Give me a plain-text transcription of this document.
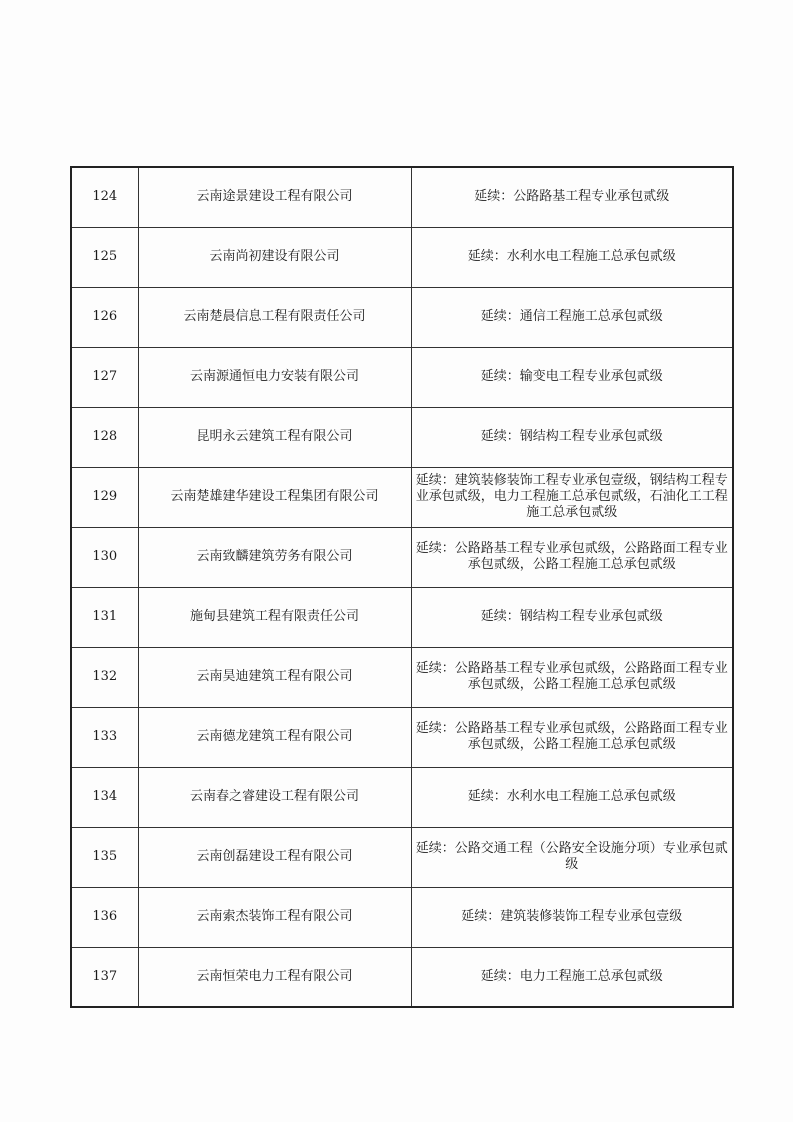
124	云南途景建设工程有限公司	延续：公路路基工程专业承包贰级
125	云南尚初建设有限公司	延续：水利水电工程施工总承包贰级
126	云南楚晨信息工程有限责任公司	延续：通信工程施工总承包贰级
127	云南源通恒电力安装有限公司	延续：输变电工程专业承包贰级
128	昆明永云建筑工程有限公司	延续：钢结构工程专业承包贰级
129	云南楚雄建华建设工程集团有限公司	延续：建筑装修装饰工程专业承包壹级，钢结构工程专业承包贰级，电力工程施工总承包贰级，石油化工工程施工总承包贰级
130	云南致麟建筑劳务有限公司	延续：公路路基工程专业承包贰级，公路路面工程专业承包贰级，公路工程施工总承包贰级
131	施甸县建筑工程有限责任公司	延续：钢结构工程专业承包贰级
132	云南昊迪建筑工程有限公司	延续：公路路基工程专业承包贰级，公路路面工程专业承包贰级，公路工程施工总承包贰级
133	云南德龙建筑工程有限公司	延续：公路路基工程专业承包贰级，公路路面工程专业承包贰级，公路工程施工总承包贰级
134	云南春之睿建设工程有限公司	延续：水利水电工程施工总承包贰级
135	云南创磊建设工程有限公司	延续：公路交通工程（公路安全设施分项）专业承包贰级
136	云南索杰装饰工程有限公司	延续：建筑装修装饰工程专业承包壹级
137	云南恒荣电力工程有限公司	延续：电力工程施工总承包贰级
